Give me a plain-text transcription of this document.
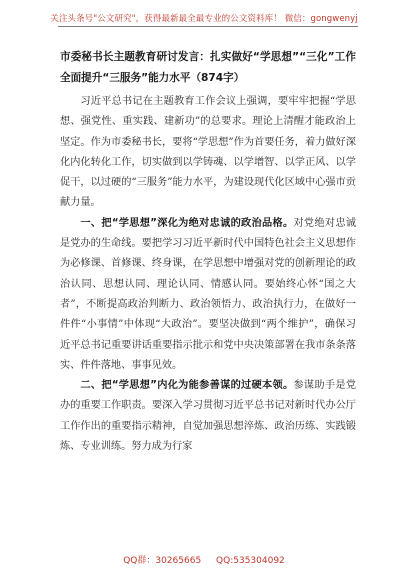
关注头条号"公文研究"，获得最新最全最专业的公文资料库！ 微信：gongwenyj

市委秘书长主题教育研讨发言：扎实做好“学思想”“三化”工作全面提升“三服务”能力水平（874字）

习近平总书记在主题教育工作会议上强调，要牢牢把握“学思想、强党性、重实践、建新功”的总要求。理论上清醒才能政治上坚定。作为市委秘书长，要将“学思想”作为首要任务，着力做好深化内化转化工作，切实做到以学铸魂、以学增智、以学正风、以学促干，以过硬的“三服务”能力水平，为建设现代化区域中心强市贡献力量。

一、把“学思想”深化为绝对忠诚的政治品格。对党绝对忠诚是党办的生命线。要把学习习近平新时代中国特色社会主义思想作为必修课、首修课、终身课，在学思想中增强对党的创新理论的政治认同、思想认同、理论认同、情感认同。要始终心怀“国之大者”，不断提高政治判断力、政治领悟力、政治执行力，在做好一件件“小事情”中体现“大政治”。要坚决做到“两个维护”，确保习近平总书记重要讲话重要指示批示和党中央决策部署在我市条条落实、件件落地、事事见效。

二、把“学思想”内化为能参善谋的过硬本领。参谋助手是党办的重要工作职责。要深入学习贯彻习近平总书记对新时代办公厅工作作出的重要指示精神，自觉加强思想淬炼、政治历练、实践锻炼、专业训练。努力成为行家

QQ群：30265665 QQ:535304092
